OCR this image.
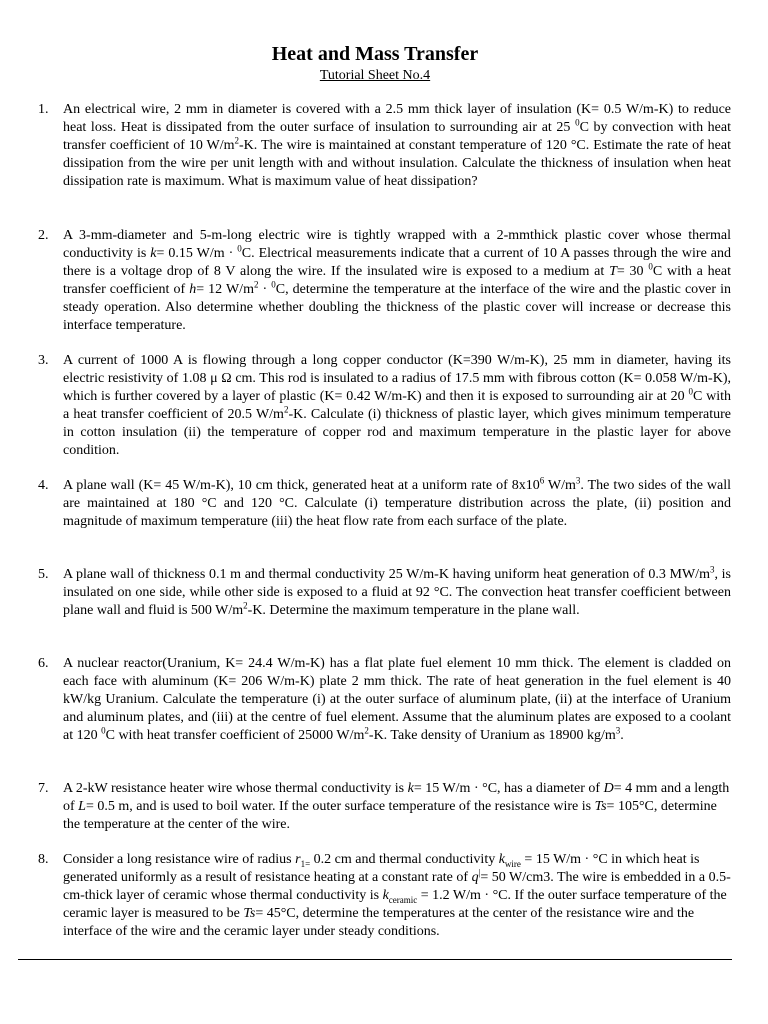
Heat and Mass Transfer
Tutorial Sheet No.4
1.	An electrical wire, 2 mm in diameter is covered with a 2.5 mm thick layer of insulation (K= 0.5 W/m-K) to reduce heat loss. Heat is dissipated from the outer surface of insulation to surrounding air at 25 $^0$C by convection with heat transfer coefficient of 10 $W/m^2-K$. The wire is maintained at constant temperature of 120 °C. Estimate the rate of heat dissipation from the wire per unit length with and without insulation. Calculate the thickness of insulation when heat dissipation rate is maximum. What is maximum value of heat dissipation?
2.	A 3-mm-diameter and 5-m-long electric wire is tightly wrapped with a 2-mmthick plastic cover whose thermal conductivity is k= 0.15 W/m · $^0$C. Electrical measurements indicate that a current of 10 A passes through the wire and there is a voltage drop of 8 V along the wire. If the insulated wire is exposed to a medium at T= 30 $^0$C with a heat transfer coefficient of h= 12 $W/m^2 \cdot ^0C$, determine the temperature at the interface of the wire and the plastic cover in steady operation. Also determine whether doubling the thickness of the plastic cover will increase or decrease this interface temperature.
3.	A current of 1000 A is flowing through a long copper conductor (K=390 W/m-K), 25 mm in diameter, having its electric resistivity of 1.08 μ Ω cm. This rod is insulated to a radius of 17.5 mm with fibrous cotton (K= 0.058 W/m-K), which is further covered by a layer of plastic (K= 0.42 W/m-K) and then it is exposed to surrounding air at 20 $^0$C with a heat transfer coefficient of 20.5 $W/m^2-K$. Calculate (i) thickness of plastic layer, which gives minimum temperature in cotton insulation (ii) the temperature of copper rod and maximum temperature in the plastic layer for above condition.
4.	A plane wall (K= 45 W/m-K), 10 cm thick, generated heat at a uniform rate of $8x10^6$ $W/m^3$. The two sides of the wall are maintained at 180 °C and 120 °C. Calculate (i) temperature distribution across the plate, (ii) position and magnitude of maximum temperature (iii) the heat flow rate from each surface of the plate.
5.	A plane wall of thickness 0.1 m and thermal conductivity 25 W/m-K having uniform heat generation of 0.3 $MW/m^3$, is insulated on one side, while other side is exposed to a fluid at 92 °C. The convection heat transfer coefficient between plane wall and fluid is 500 $W/m^2-K$. Determine the maximum temperature in the plane wall.
6.	A nuclear reactor(Uranium, K= 24.4 W/m-K) has a flat plate fuel element 10 mm thick. The element is cladded on each face with aluminum (K= 206 W/m-K) plate 2 mm thick. The rate of heat generation in the fuel element is 40 kW/kg Uranium. Calculate the temperature (i) at the outer surface of aluminum plate, (ii) at the interface of Uranium and aluminum plates, and (iii) at the centre of fuel element. Assume that the aluminum plates are exposed to a coolant at 120 $^0$C with heat transfer coefficient of 25000 $W/m^2-K$. Take density of Uranium as 18900 $kg/m^3$.
7.	A 2-kW resistance heater wire whose thermal conductivity is k= 15 W/m · °C, has a diameter of D= 4 mm and a length of L= 0.5 m, and is used to boil water. If the outer surface temperature of the resistance wire is Ts= 105°C, determine the temperature at the center of the wire.
8.	Consider a long resistance wire of radius $r_{1=}$ 0.2 cm and thermal conductivity $k_{wire} = 15$ W/m · °C in which heat is generated uniformly as a result of resistance heating at a constant rate of q|= 50 W/cm3. The wire is embedded in a 0.5-cm-thick layer of ceramic whose thermal conductivity is $k_{ceramic} = 1.2$ W/m · °C. If the outer surface temperature of the ceramic layer is measured to be Ts= 45°C, determine the temperatures at the center of the resistance wire and the interface of the wire and the ceramic layer under steady conditions.
